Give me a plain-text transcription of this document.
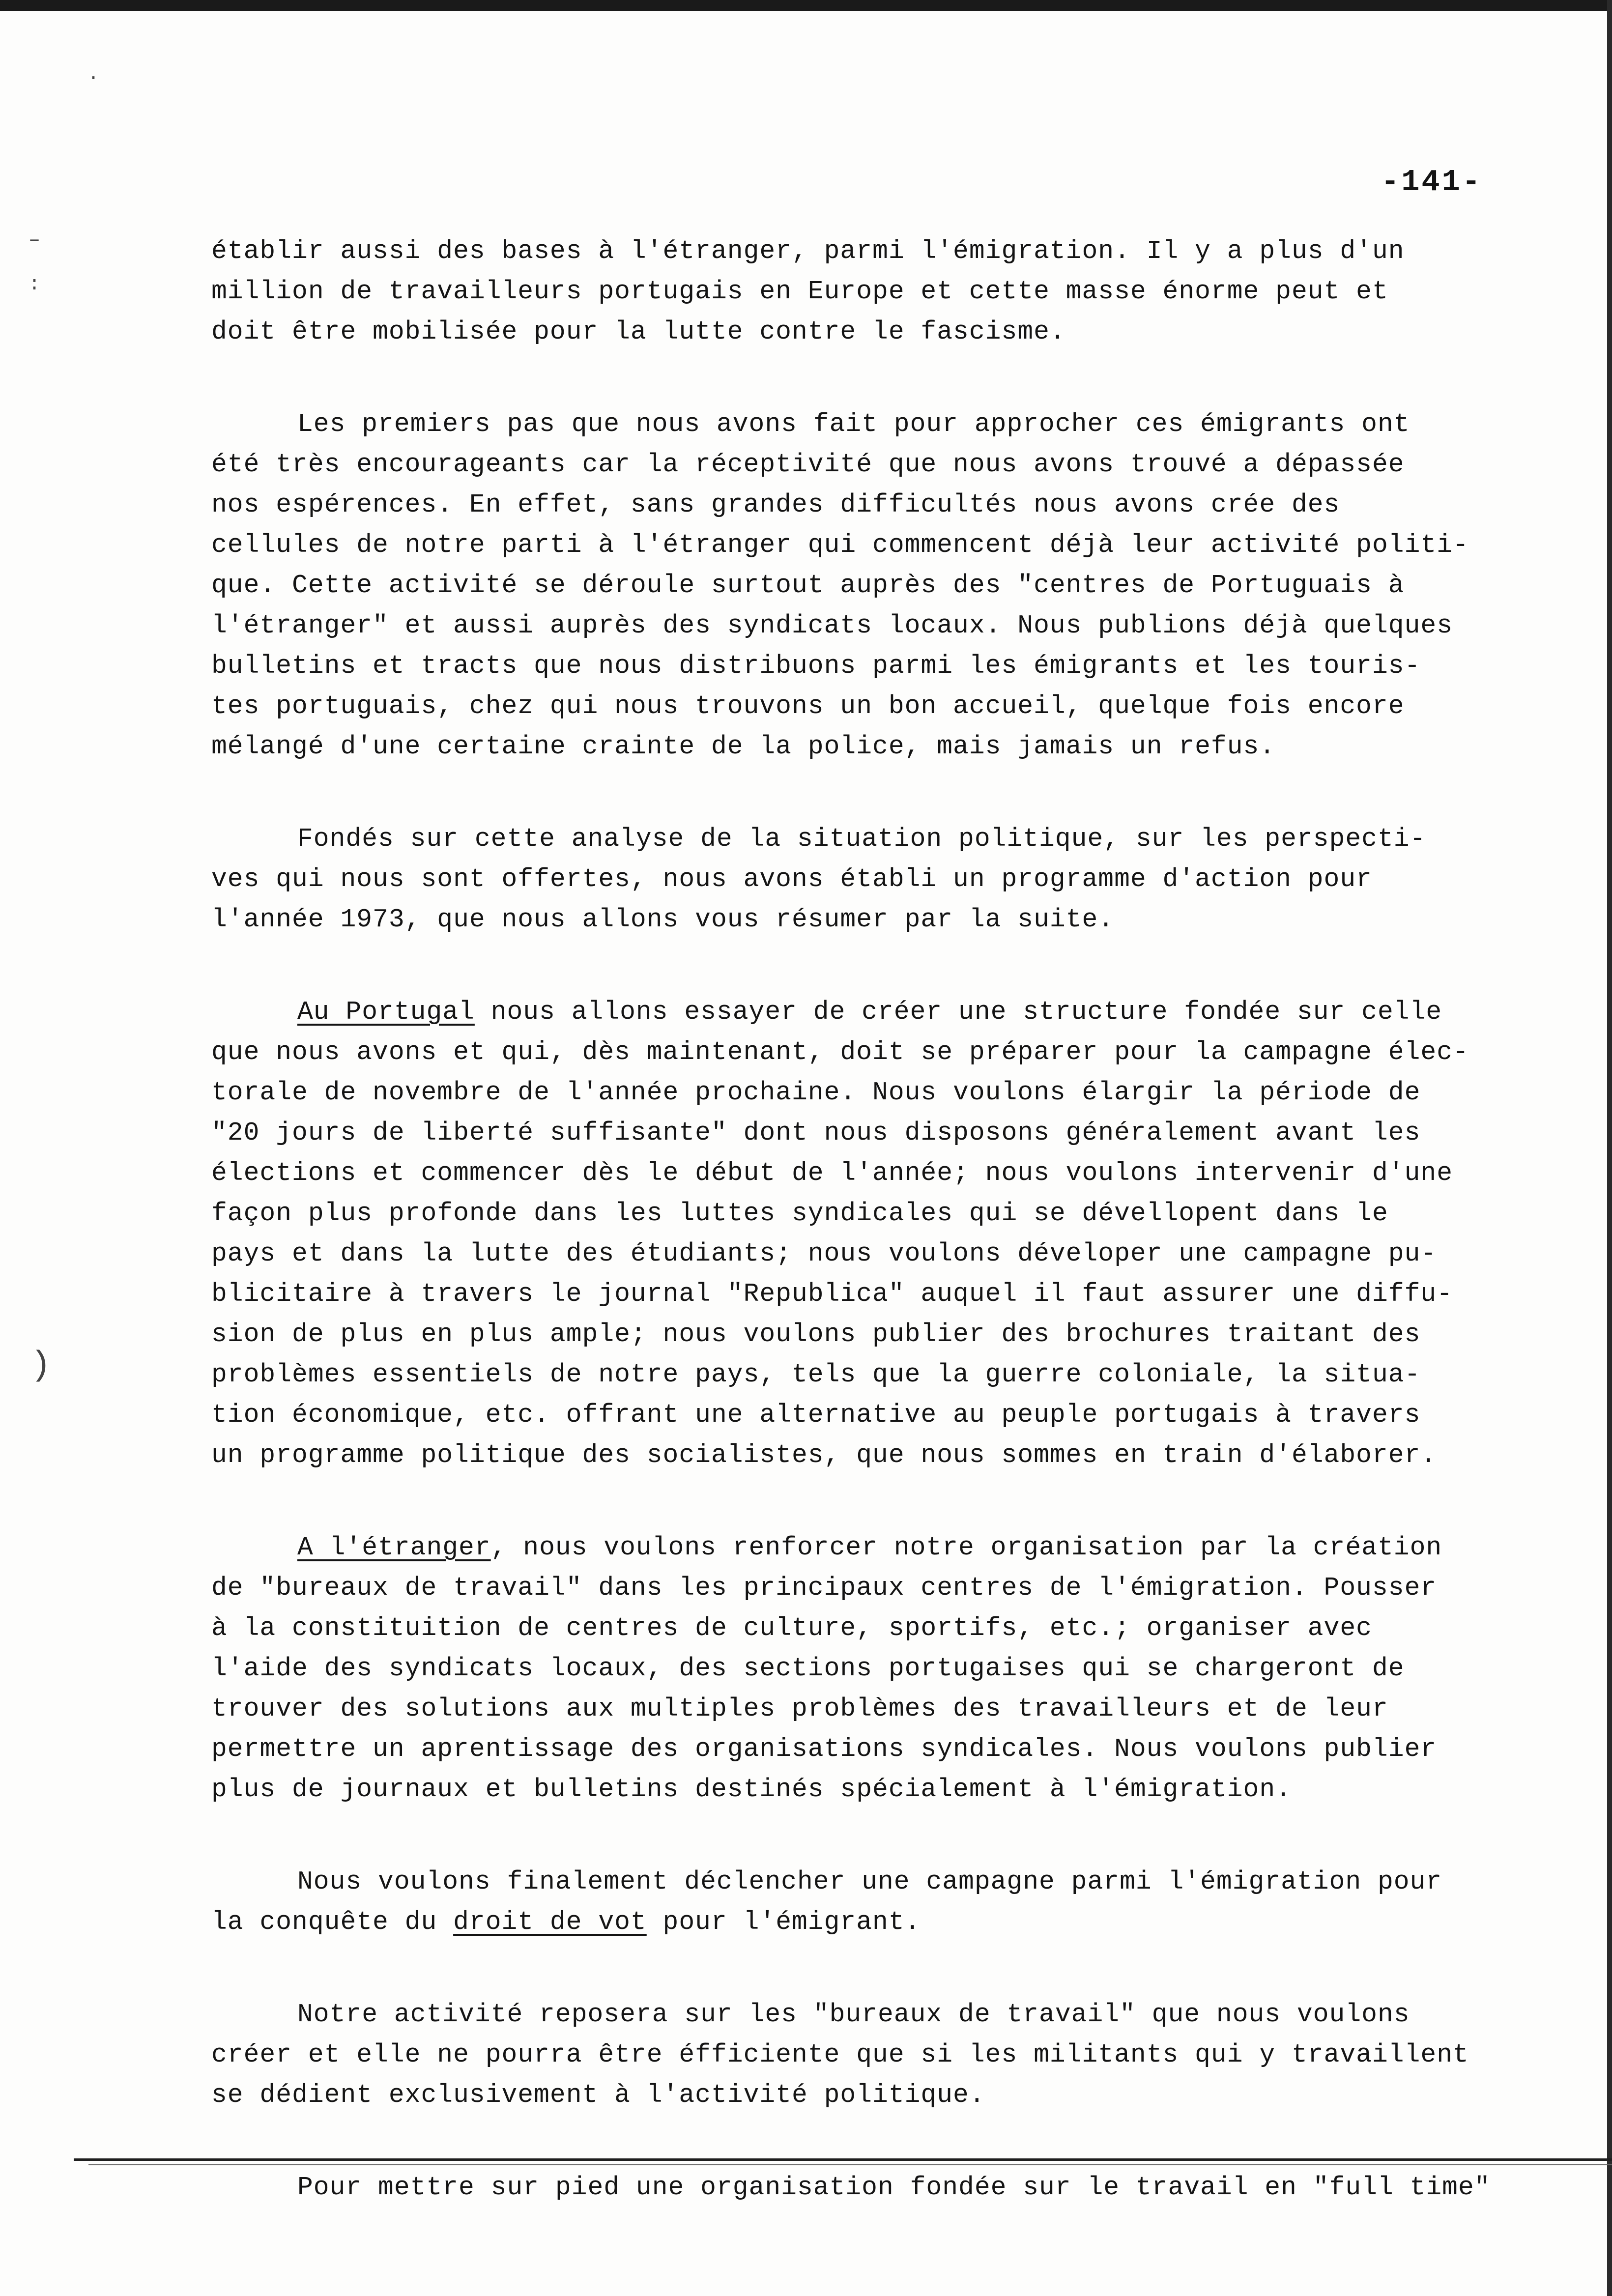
·
–
:
)
-141-
établir aussi des bases à l'étranger, parmi l'émigration. Il y a plus d'un
million de travailleurs portugais en Europe et cette masse énorme peut et
doit être mobilisée pour la lutte contre le fascisme.
Les premiers pas que nous avons fait pour approcher ces émigrants ont
été très encourageants car la réceptivité que nous avons trouvé a dépassée
nos espérences. En effet, sans grandes difficultés nous avons crée des
cellules de notre parti à l'étranger qui commencent déjà leur activité politi-
que. Cette activité se déroule surtout auprès des "centres de Portuguais à
l'étranger" et aussi auprès des syndicats locaux. Nous publions déjà quelques
bulletins et tracts que nous distribuons parmi les émigrants et les touris-
tes portuguais, chez qui nous trouvons un bon accueil, quelque fois encore
mélangé d'une certaine crainte de la police, mais jamais un refus.
Fondés sur cette analyse de la situation politique, sur les perspecti-
ves qui nous sont offertes, nous avons établi un programme d'action pour
l'année 1973, que nous allons vous résumer par la suite.
Au Portugal nous allons essayer de créer une structure fondée sur celle
que nous avons et qui, dès maintenant, doit se préparer pour la campagne élec-
torale de novembre de l'année prochaine. Nous voulons élargir la période de
"20 jours de liberté suffisante" dont nous disposons généralement avant les
élections et commencer dès le début de l'année; nous voulons intervenir d'une
façon plus profonde dans les luttes syndicales qui se dévellopent dans le
pays et dans la lutte des étudiants; nous voulons déveloper une campagne pu-
blicitaire à travers le journal "Republica" auquel il faut assurer une diffu-
sion de plus en plus ample; nous voulons publier des brochures traitant des
problèmes essentiels de notre pays, tels que la guerre coloniale, la situa-
tion économique, etc. offrant une alternative au peuple portugais à travers
un programme politique des socialistes, que nous sommes en train d'élaborer.
A l'étranger, nous voulons renforcer notre organisation par la création
de "bureaux de travail" dans les principaux centres de l'émigration. Pousser
à la constituition de centres de culture, sportifs, etc.; organiser avec
l'aide des syndicats locaux, des sections portugaises qui se chargeront de
trouver des solutions aux multiples problèmes des travailleurs et de leur
permettre un aprentissage des organisations syndicales. Nous voulons publier
plus de journaux et bulletins destinés spécialement à l'émigration.
Nous voulons finalement déclencher une campagne parmi l'émigration pour
la conquête du droit de vot pour l'émigrant.
Notre activité reposera sur les "bureaux de travail" que nous voulons
créer et elle ne pourra être éfficiente que si les militants qui y travaillent
se dédient exclusivement à l'activité politique.
Pour mettre sur pied une organisation fondée sur le travail en "full time"
